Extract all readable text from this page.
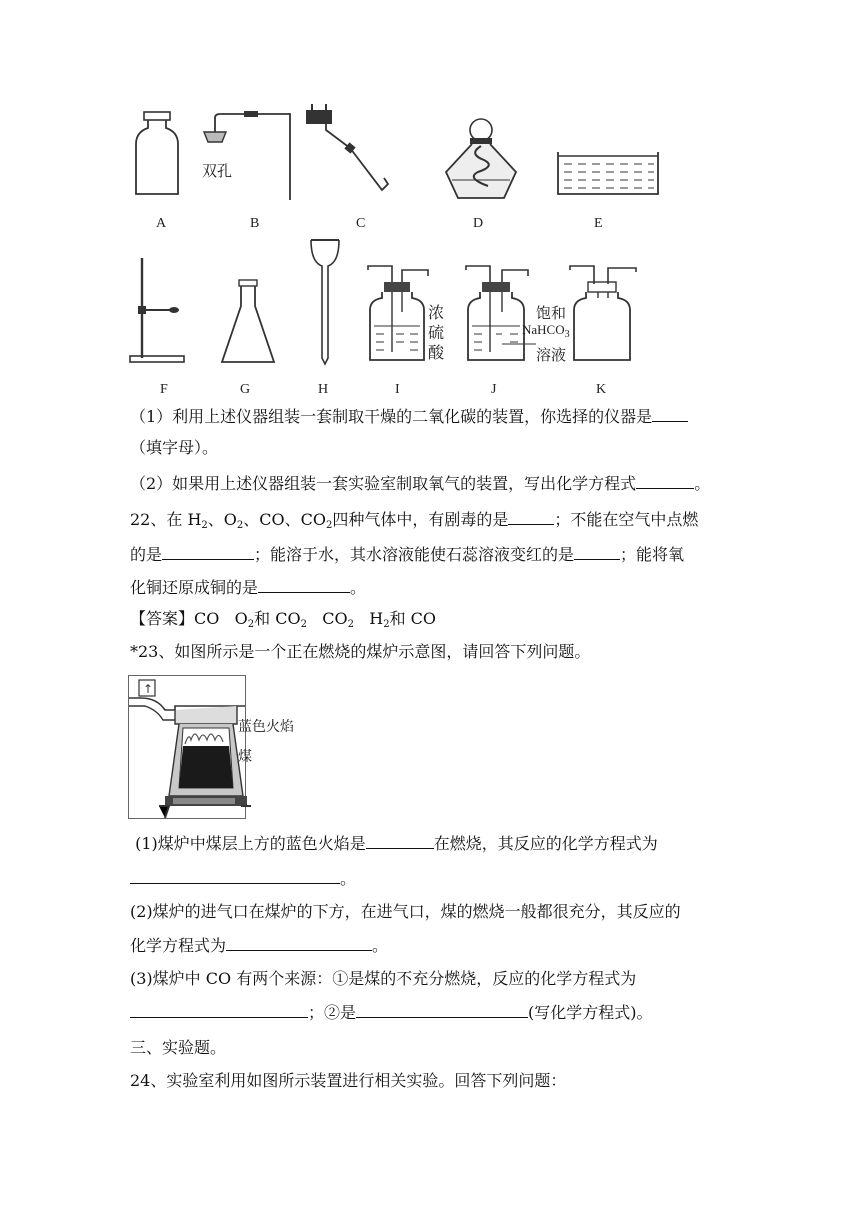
双孔
A	B	C	D	E
浓
硫
酸
饱和
NaHCO$_3$
溶液
F	G	H	I	J	K
（1）利用上述仪器组装一套制取干燥的二氧化碳的装置，你选择的仪器是
（填字母）。
（2）如果用上述仪器组装一套实验室制取氧气的装置，写出化学方程式	。
22、在 $H_2$、$O_2$、CO、$CO_2$四种气体中，有剧毒的是	；不能在空气中点燃
的是	；能溶于水，其水溶液能使石蕊溶液变红的是	；能将氧
化铜还原成铜的是	。
【答案】CO $O_2$和 $CO_2$ $CO_2$ $H_2$和 CO
*23、如图所示是一个正在燃烧的煤炉示意图，请回答下列问题。
↑
蓝色火焰
煤
(1)煤炉中煤层上方的蓝色火焰是	在燃烧，其反应的化学方程式为
。
(2)煤炉的进气口在煤炉的下方，在进气口，煤的燃烧一般都很充分，其反应的
化学方程式为	。
(3)煤炉中 CO 有两个来源：①是煤的不充分燃烧，反应的化学方程式为
；②是	(写化学方程式)。
三、实验题。
24、实验室利用如图所示装置进行相关实验。回答下列问题：
